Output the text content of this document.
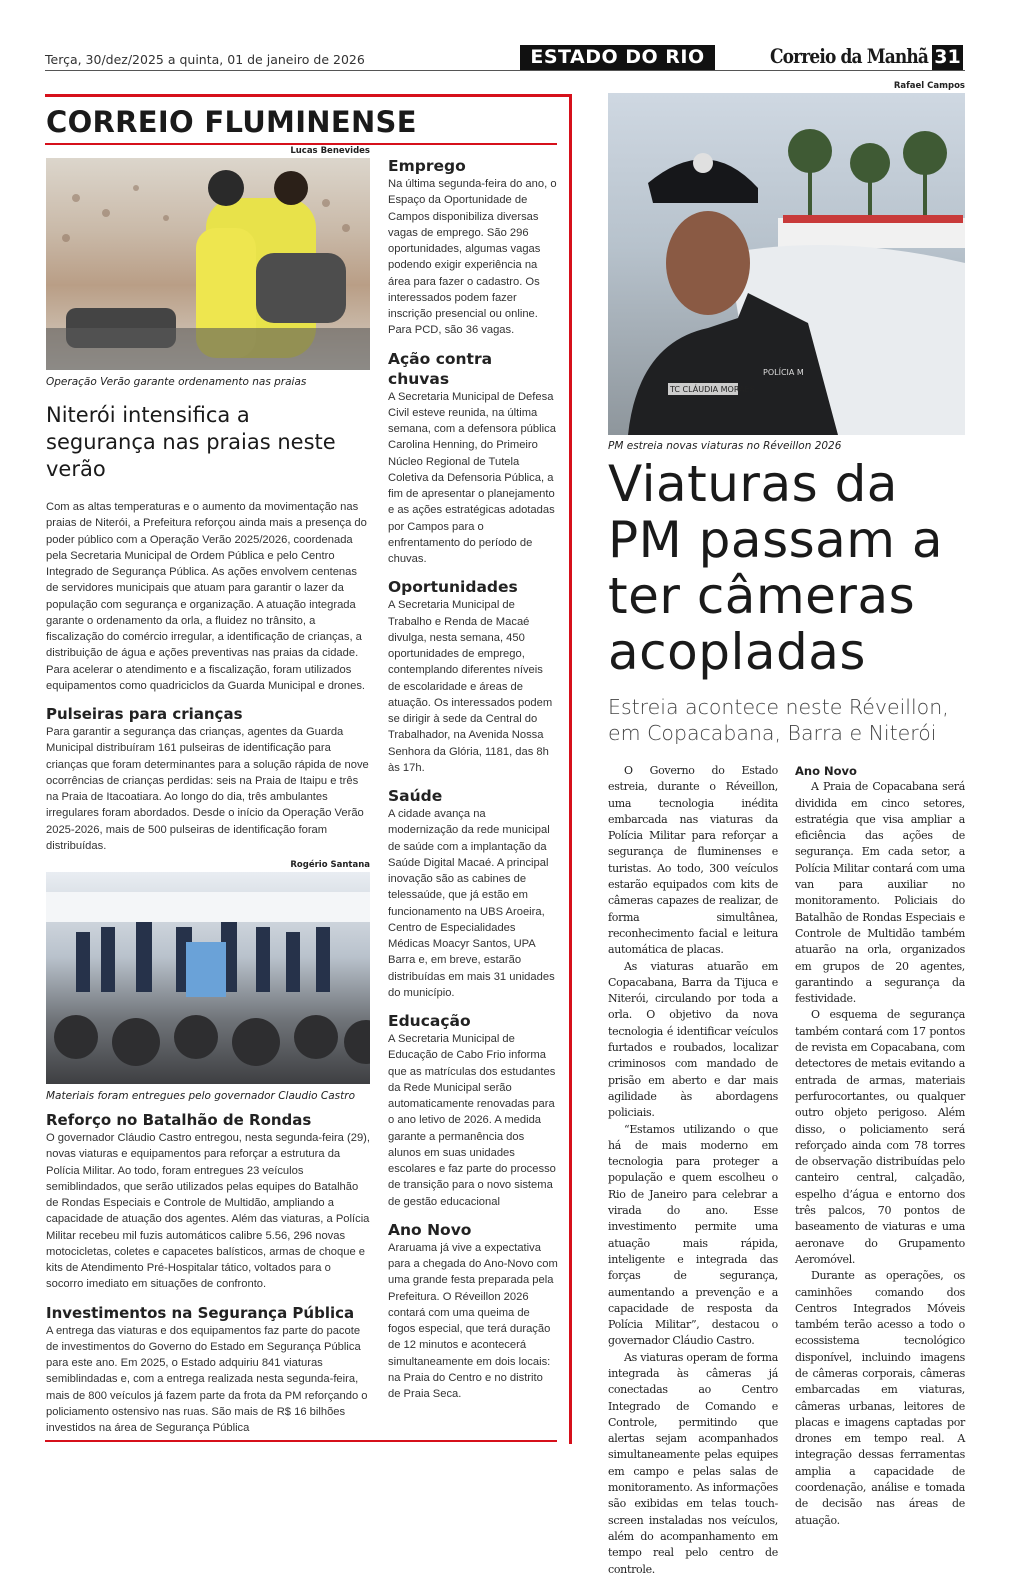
Terça, 30/dez/2025 a quinta, 01 de janeiro de 2026	ESTADO DO RIO	Correio da Manhã 31
CORREIO FLUMINENSE
Lucas Benevides
Operação Verão garante ordenamento nas praias
Niterói intensifica a segurança nas praias neste verão

Com as altas temperaturas e o aumento da movimentação nas praias de Niterói, a Prefeitura reforçou ainda mais a presença do poder público com a Operação Verão 2025/2026, coordenada pela Secretaria Municipal de Ordem Pública e pelo Centro Integrado de Segurança Pública. As ações envolvem centenas de servidores municipais que atuam para garantir o lazer da população com segurança e organização. A atuação integrada garante o ordenamento da orla, a fluidez no trânsito, a fiscalização do comércio irregular, a identificação de crianças, a distribuição de água e ações preventivas nas praias da cidade. Para acelerar o atendimento e a fiscalização, foram utilizados equipamentos como quadriciclos da Guarda Municipal e drones.

Pulseiras para crianças

Para garantir a segurança das crianças, agentes da Guarda Municipal distribuíram 161 pulseiras de identificação para crianças que foram determinantes para a solução rápida de nove ocorrências de crianças perdidas: seis na Praia de Itaipu e três na Praia de Itacoatiara. Ao longo do dia, três ambulantes irregulares foram abordados. Desde o início da Operação Verão 2025-2026, mais de 500 pulseiras de identificação foram distribuídas.

Rogério Santana
Materiais foram entregues pelo governador Claudio Castro
Reforço no Batalhão de Rondas

O governador Cláudio Castro entregou, nesta segunda-feira (29), novas viaturas e equipamentos para reforçar a estrutura da Polícia Militar. Ao todo, foram entregues 23 veículos semiblindados, que serão utilizados pelas equipes do Batalhão de Rondas Especiais e Controle de Multidão, ampliando a capacidade de atuação dos agentes. Além das viaturas, a Polícia Militar recebeu mil fuzis automáticos calibre 5.56, 296 novas motocicletas, coletes e capacetes balísticos, armas de choque e kits de Atendimento Pré-Hospitalar tático, voltados para o socorro imediato em situações de confronto.

Investimentos na Segurança Pública

A entrega das viaturas e dos equipamentos faz parte do pacote de investimentos do Governo do Estado em Segurança Pública para este ano. Em 2025, o Estado adquiriu 841 viaturas semiblindadas e, com a entrega realizada nesta segunda-feira, mais de 800 veículos já fazem parte da frota da PM reforçando o policiamento ostensivo nas ruas. São mais de R$ 16 bilhões investidos na área de Segurança Pública

Emprego

Na última segunda-feira do ano, o Espaço da Oportunidade de Campos disponibiliza diversas vagas de emprego. São 296 oportunidades, algumas vagas podendo exigir experiência na área para fazer o cadastro. Os interessados podem fazer inscrição presencial ou online. Para PCD, são 36 vagas.

Ação contra chuvas

A Secretaria Municipal de Defesa Civil esteve reunida, na última semana, com a defensora pública Carolina Henning, do Primeiro Núcleo Regional de Tutela Coletiva da Defensoria Pública, a fim de apresentar o planejamento e as ações estratégicas adotadas por Campos para o enfrentamento do período de chuvas.

Oportunidades

A Secretaria Municipal de Trabalho e Renda de Macaé divulga, nesta semana, 450 oportunidades de emprego, contemplando diferentes níveis de escolaridade e áreas de atuação. Os interessados podem se dirigir à sede da Central do Trabalhador, na Avenida Nossa Senhora da Glória, 1181, das 8h às 17h.

Saúde

A cidade avança na modernização da rede municipal de saúde com a implantação da Saúde Digital Macaé. A principal inovação são as cabines de telessaúde, que já estão em funcionamento na UBS Aroeira, Centro de Especialidades Médicas Moacyr Santos, UPA Barra e, em breve, estarão distribuídas em mais 31 unidades do município.

Educação

A Secretaria Municipal de Educação de Cabo Frio informa que as matrículas dos estudantes da Rede Municipal serão automaticamente renovadas para o ano letivo de 2026. A medida garante a permanência dos alunos em suas unidades escolares e faz parte do processo de transição para o novo sistema de gestão educacional

Ano Novo

Araruama já vive a expectativa para a chegada do Ano-Novo com uma grande festa preparada pela Prefeitura. O Réveillon 2026 contará com uma queima de fogos especial, que terá duração de 12 minutos e acontecerá simultaneamente em dois locais: na Praia do Centro e no distrito de Praia Seca.

Rafael Campos
TC CLÁUDIA MORAES
POLÍCIA M
PM estreia novas viaturas no Réveillon 2026
Viaturas da PM passam a ter câmeras acopladas
Estreia acontece neste Réveillon, em Copacabana, Barra e Niterói

O Governo do Estado estreia, durante o Réveillon, uma tecnologia inédita embarcada nas viaturas da Polícia Militar para reforçar a segurança de fluminenses e turistas. Ao todo, 300 veículos estarão equipados com kits de câmeras capazes de realizar, de forma simultânea, reconhecimento facial e leitura automática de placas.

As viaturas atuarão em Copacabana, Barra da Tijuca e Niterói, circulando por toda a orla. O objetivo da nova tecnologia é identificar veículos furtados e roubados, localizar criminosos com mandado de prisão em aberto e dar mais agilidade às abordagens policiais.

“Estamos utilizando o que há de mais moderno em tecnologia para proteger a população e quem escolheu o Rio de Janeiro para celebrar a virada do ano. Esse investimento permite uma atuação mais rápida, inteligente e integrada das forças de segurança, aumentando a prevenção e a capacidade de resposta da Polícia Militar”, destacou o governador Cláudio Castro.

As viaturas operam de forma integrada às câmeras já conectadas ao Centro Integrado de Comando e Controle, permitindo que alertas sejam acompanhados simultaneamente pelas equipes em campo e pelas salas de monitoramento. As informações são exibidas em telas touch-screen instaladas nos veículos, além do acompanhamento em tempo real pelo centro de controle.

Ano Novo

A Praia de Copacabana será dividida em cinco setores, estratégia que visa ampliar a eficiência das ações de segurança. Em cada setor, a Polícia Militar contará com uma van para auxiliar no monitoramento. Policiais do Batalhão de Rondas Especiais e Controle de Multidão também atuarão na orla, organizados em grupos de 20 agentes, garantindo a segurança da festividade.

O esquema de segurança também contará com 17 pontos de revista em Copacabana, com detectores de metais evitando a entrada de armas, materiais perfurocortantes, ou qualquer outro objeto perigoso. Além disso, o policiamento será reforçado ainda com 78 torres de observação distribuídas pelo canteiro central, calçadão, espelho d’água e entorno dos três palcos, 70 pontos de baseamento de viaturas e uma aeronave do Grupamento Aeromóvel.

Durante as operações, os caminhões comando dos Centros Integrados Móveis também terão acesso a todo o ecossistema tecnológico disponível, incluindo imagens de câmeras corporais, câmeras embarcadas em viaturas, câmeras urbanas, leitores de placas e imagens captadas por drones em tempo real. A integração dessas ferramentas amplia a capacidade de coordenação, análise e tomada de decisão nas áreas de atuação.
